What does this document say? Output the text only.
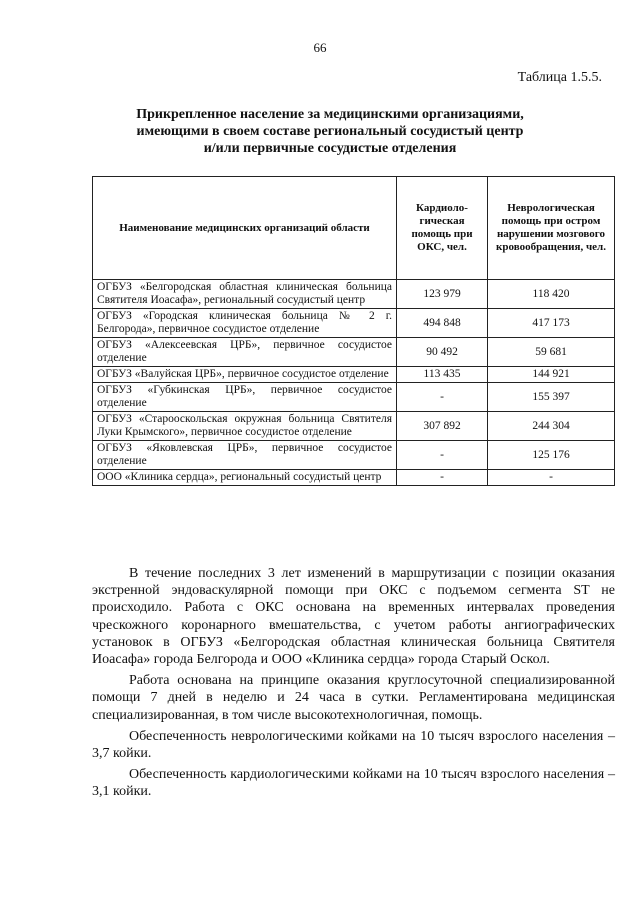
66
Таблица 1.5.5.
Прикрепленное население за медицинскими организациями,
имеющими в своем составе региональный сосудистый центр
и/или первичные сосудистые отделения
Наименование медицинских организаций области	Кардиоло-гическая помощь при ОКС, чел.	Неврологическая помощь при остром нарушении мозгового кровообращения, чел.
ОГБУЗ «Белгородская областная клиническая больница Святителя Иоасафа», региональный сосудистый центр	123 979	118 420
ОГБУЗ «Городская клиническая больница № 2 г. Белгорода», первичное сосудистое отделение	494 848	417 173
ОГБУЗ «Алексеевская ЦРБ», первичное сосудистое отделение	90 492	59 681
ОГБУЗ «Валуйская ЦРБ», первичное сосудистое отделение	113 435	144 921
ОГБУЗ «Губкинская ЦРБ», первичное сосудистое отделение	-	155 397
ОГБУЗ «Старооскольская окружная больница Святителя Луки Крымского», первичное сосудистое отделение	307 892	244 304
ОГБУЗ «Яковлевская ЦРБ», первичное сосудистое отделение	-	125 176
ООО «Клиника сердца», региональный сосудистый центр	-	-

В течение последних 3 лет изменений в маршрутизации с позиции оказания экстренной эндоваскулярной помощи при ОКС с подъемом сегмента ST не происходило. Работа с ОКС основана на временных интервалах проведения чрескожного коронарного вмешательства, с учетом работы ангиографических установок в ОГБУЗ «Белгородская областная клиническая больница Святителя Иоасафа» города Белгорода и ООО «Клиника сердца» города Старый Оскол.

Работа основана на принципе оказания круглосуточной специализированной помощи 7 дней в неделю и 24 часа в сутки. Регламентирована медицинская специализированная, в том числе высокотехнологичная, помощь.

Обеспеченность неврологическими койками на 10 тысяч взрослого населения – 3,7 койки.

Обеспеченность кардиологическими койками на 10 тысяч взрослого населения – 3,1 койки.
